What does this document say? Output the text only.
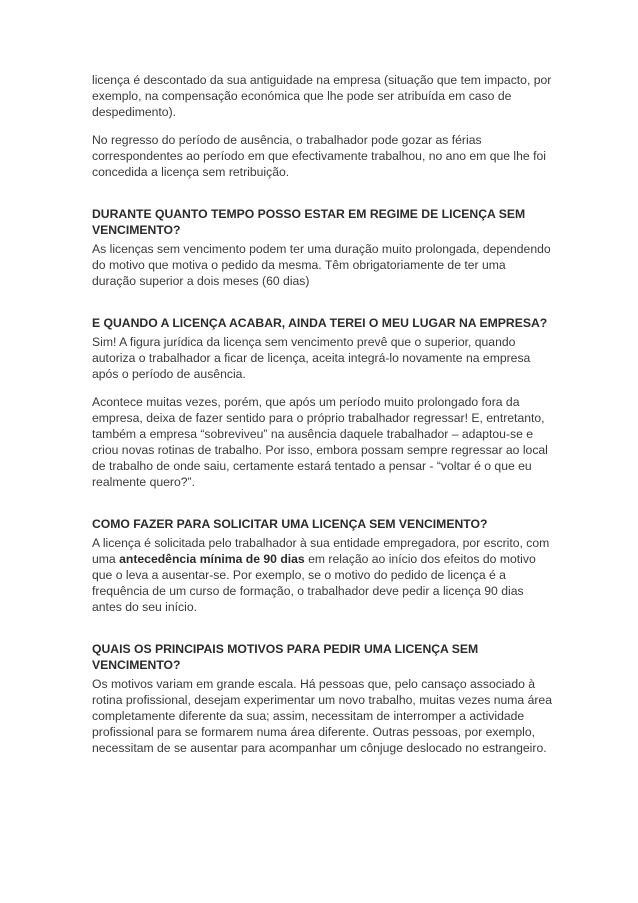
licença é descontado da sua antiguidade na empresa (situação que tem impacto, por exemplo, na compensação económica que lhe pode ser atribuída em caso de despedimento).

No regresso do período de ausência, o trabalhador pode gozar as férias correspondentes ao período em que efectivamente trabalhou, no ano em que lhe foi concedida a licença sem retribuição.

DURANTE QUANTO TEMPO POSSO ESTAR EM REGIME DE LICENÇA SEM VENCIMENTO?

As licenças sem vencimento podem ter uma duração muito prolongada, dependendo do motivo que motiva o pedido da mesma. Têm obrigatoriamente de ter uma duração superior a dois meses (60 dias)

E QUANDO A LICENÇA ACABAR, AINDA TEREI O MEU LUGAR NA EMPRESA?

Sim! A figura jurídica da licença sem vencimento prevê que o superior, quando autoriza o trabalhador a ficar de licença, aceita integrá-lo novamente na empresa após o período de ausência.

Acontece muitas vezes, porém, que após um período muito prolongado fora da empresa, deixa de fazer sentido para o próprio trabalhador regressar! E, entretanto, também a empresa “sobreviveu” na ausência daquele trabalhador – adaptou-se e criou novas rotinas de trabalho. Por isso, embora possam sempre regressar ao local de trabalho de onde saiu, certamente estará tentado a pensar - “voltar é o que eu realmente quero?”.

COMO FAZER PARA SOLICITAR UMA LICENÇA SEM VENCIMENTO?

A licença é solicitada pelo trabalhador à sua entidade empregadora, por escrito, com uma antecedência mínima de 90 dias em relação ao início dos efeitos do motivo que o leva a ausentar-se. Por exemplo, se o motivo do pedido de licença é a frequência de um curso de formação, o trabalhador deve pedir a licença 90 dias antes do seu início.

QUAIS OS PRINCIPAIS MOTIVOS PARA PEDIR UMA LICENÇA SEM VENCIMENTO?

Os motivos variam em grande escala. Há pessoas que, pelo cansaço associado à rotina profissional, desejam experimentar um novo trabalho, muitas vezes numa área completamente diferente da sua; assim, necessitam de interromper a actividade profissional para se formarem numa área diferente. Outras pessoas, por exemplo, necessitam de se ausentar para acompanhar um cônjuge deslocado no estrangeiro.
